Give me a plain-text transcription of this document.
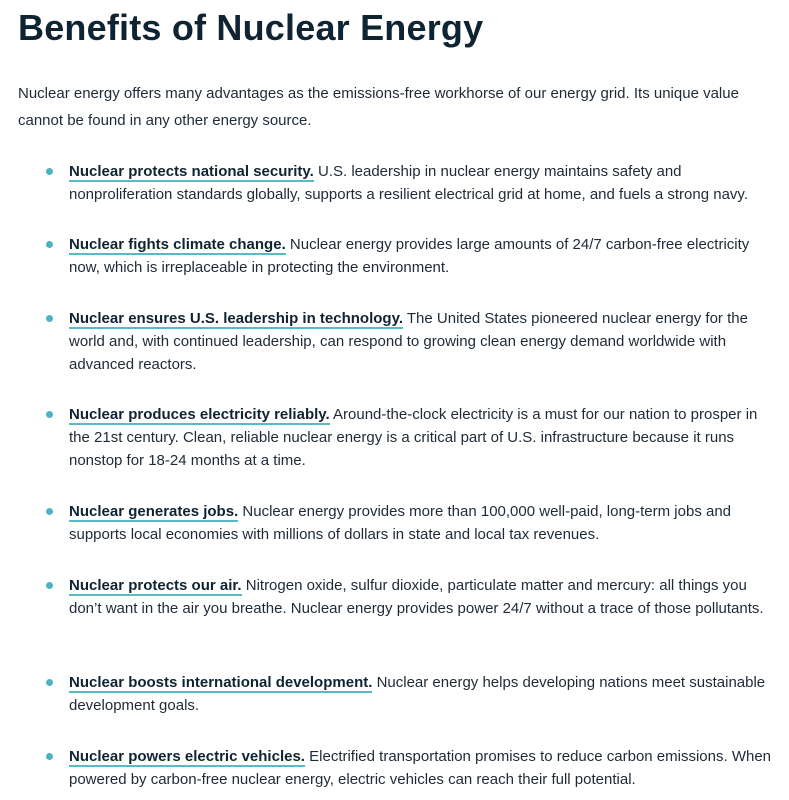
Benefits of Nuclear Energy

Nuclear energy offers many advantages as the emissions-free workhorse of our energy grid. Its unique value cannot be found in any other energy source.

Nuclear protects national security. U.S. leadership in nuclear energy maintains safety and nonproliferation standards globally, supports a resilient electrical grid at home, and fuels a strong navy.
Nuclear fights climate change. Nuclear energy provides large amounts of 24/7 carbon-free electricity now, which is irreplaceable in protecting the environment.
Nuclear ensures U.S. leadership in technology. The United States pioneered nuclear energy for the world and, with continued leadership, can respond to growing clean energy demand worldwide with advanced reactors.
Nuclear produces electricity reliably. Around-the-clock electricity is a must for our nation to prosper in the 21st century. Clean, reliable nuclear energy is a critical part of U.S. infrastructure because it runs nonstop for 18-24 months at a time.
Nuclear generates jobs. Nuclear energy provides more than 100,000 well-paid, long-term jobs and supports local economies with millions of dollars in state and local tax revenues.
Nuclear protects our air. Nitrogen oxide, sulfur dioxide, particulate matter and mercury: all things you don’t want in the air you breathe. Nuclear energy provides power 24/7 without a trace of those pollutants.
Nuclear boosts international development. Nuclear energy helps developing nations meet sustainable development goals.
Nuclear powers electric vehicles. Electrified transportation promises to reduce carbon emissions. When powered by carbon-free nuclear energy, electric vehicles can reach their full potential.
